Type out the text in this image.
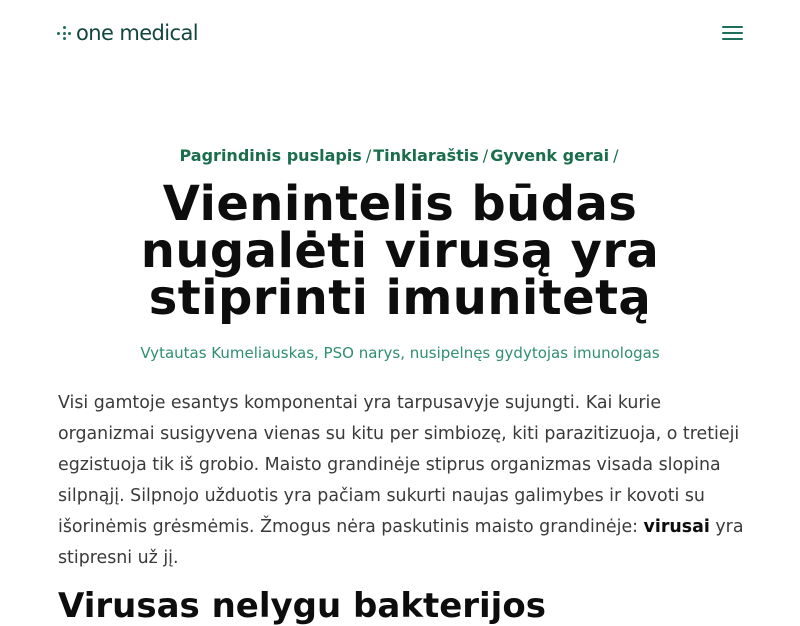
one medical
Pagrindinis puslapis / Tinklaraštis / Gyvenk gerai /
Vienintelis būdas nugalėti virusą yra stiprinti imunitetą
Vytautas Kumeliauskas, PSO narys, nusipelnęs gydytojas imunologas

Visi gamtoje esantys komponentai yra tarpusavyje sujungti. Kai kurie organizmai susigyvena vienas su kitu per simbiozę, kiti parazitizuoja, o tretieji egzistuoja tik iš grobio. Maisto grandinėje stiprus organizmas visada slopina silpnąjį. Silpnojo užduotis yra pačiam sukurti naujas galimybes ir kovoti su išorinėmis grėsmėmis. Žmogus nėra paskutinis maisto grandinėje: virusai yra stipresni už jį.

Virusas nelygu bakterijos
